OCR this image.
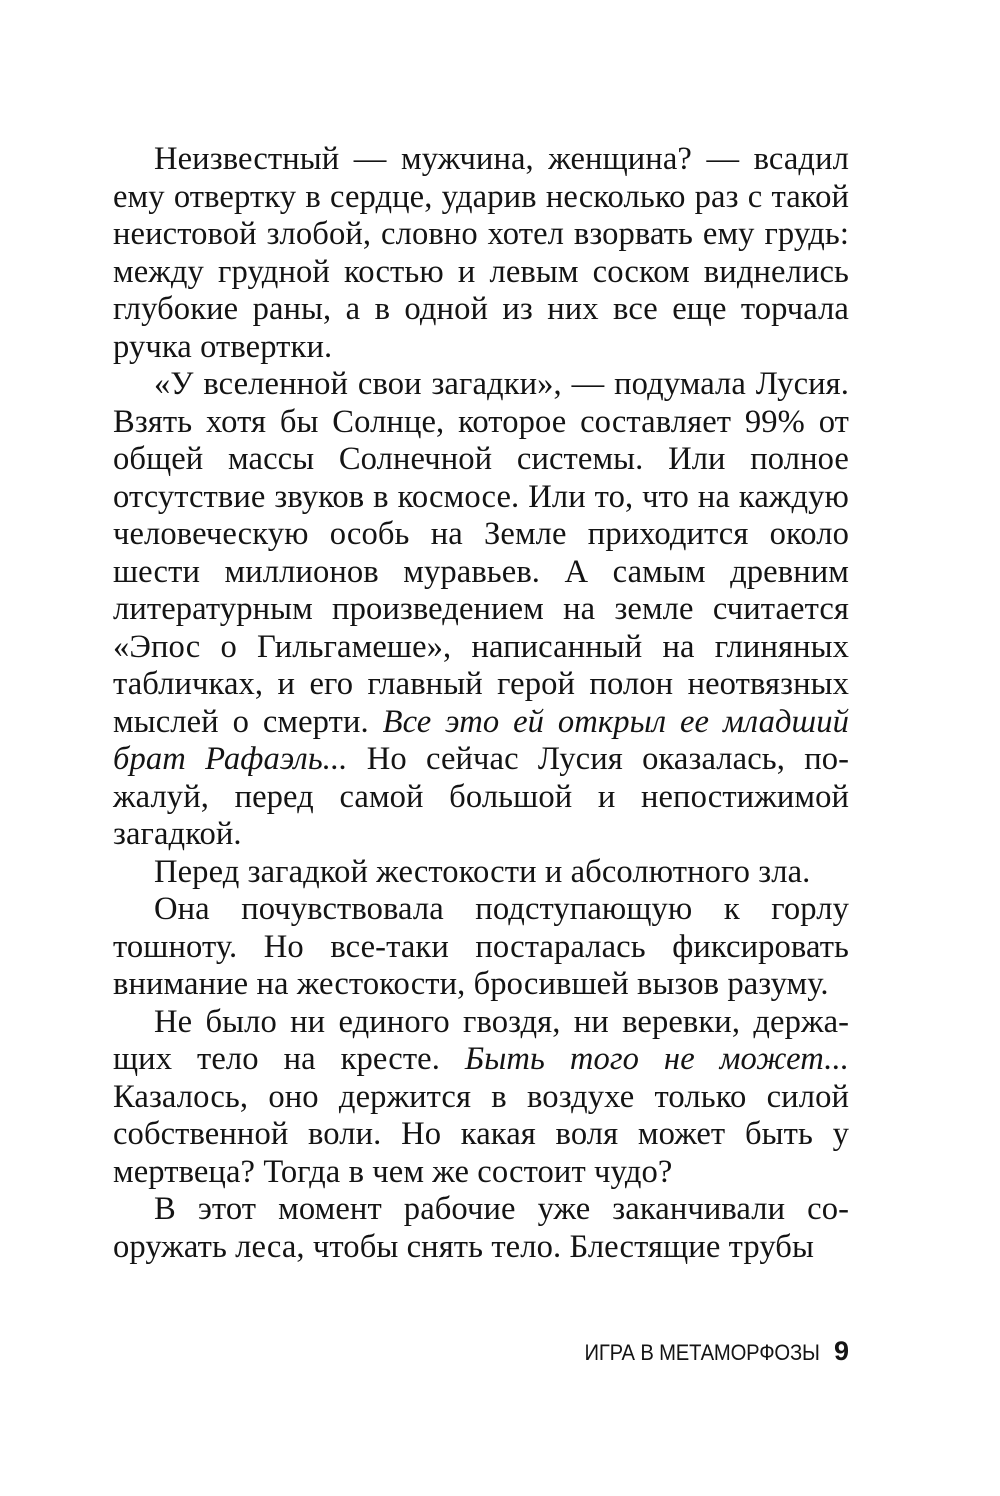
Неизвестный — мужчина, женщина? — всадил ему отвертку в сердце, ударив несколько раз с такой неистовой злобой, словно хотел взорвать ему грудь: между грудной костью и левым соском виднелись глубокие раны, а в одной из них все еще торчала ручка отвертки.

«У вселенной свои загадки», — подумала Лусия. Взять хотя бы Солнце, которое составляет 99% от общей массы Солнечной системы. Или полное отсутствие звуков в космосе. Или то, что на каждую человеческую особь на Земле приходится около шести миллионов муравьев. А самым древним литературным произведением на земле считается «Эпос о Гильгамеше», написанный на глиняных табличках, и его главный герой полон неотвязных мыслей о смерти. Все это ей открыл ее младший брат Рафаэль... Но сейчас Лусия оказалась, пожалуй, перед самой большой и непостижимой загадкой.

Перед загадкой жестокости и абсолютного зла.

Она почувствовала подступающую к горлу тошноту. Но все-таки постаралась фиксировать внимание на жестокости, бросившей вызов разуму.

Не было ни единого гвоздя, ни веревки, держащих тело на кресте. Быть того не может... Казалось, оно держится в воздухе только силой собственной воли. Но какая воля может быть у мертвеца? Тогда в чем же состоит чудо?

В этот момент рабочие уже заканчивали сооружать леса, чтобы снять тело. Блестящие трубы

ИГРА В МЕТАМОРФОЗЫ 9
